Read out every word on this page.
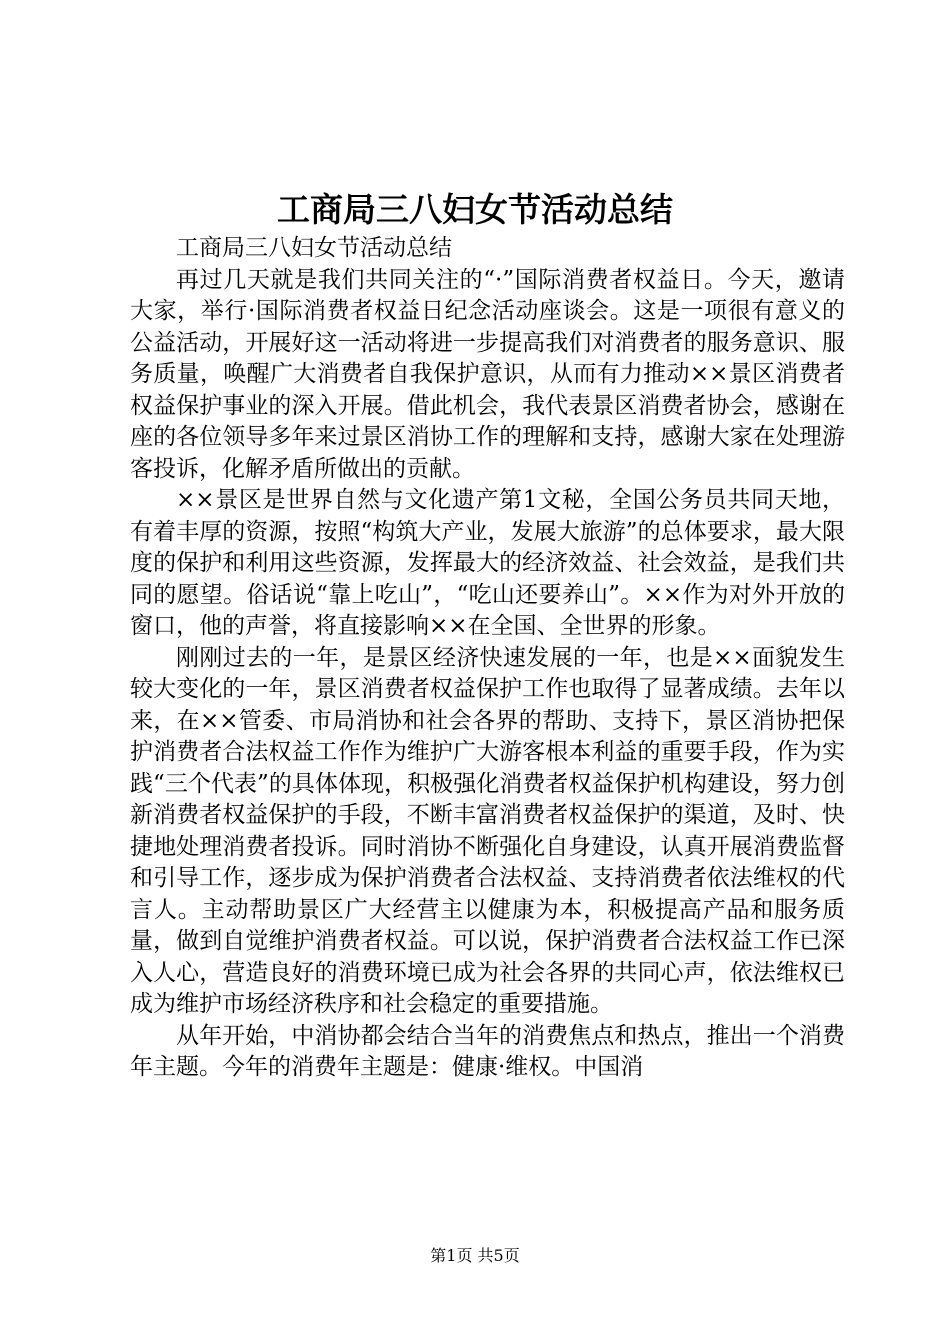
工商局三八妇女节活动总结

工商局三八妇女节活动总结

再过几天就是我们共同关注的“·”国际消费者权益日。今天，邀请大家，举行·国际消费者权益日纪念活动座谈会。这是一项很有意义的公益活动，开展好这一活动将进一步提高我们对消费者的服务意识、服务质量，唤醒广大消费者自我保护意识，从而有力推动××景区消费者权益保护事业的深入开展。借此机会，我代表景区消费者协会，感谢在座的各位领导多年来过景区消协工作的理解和支持，感谢大家在处理游客投诉，化解矛盾所做出的贡献。

××景区是世界自然与文化遗产第1文秘，全国公务员共同天地，有着丰厚的资源，按照“构筑大产业，发展大旅游”的总体要求，最大限度的保护和利用这些资源，发挥最大的经济效益、社会效益，是我们共同的愿望。俗话说“靠上吃山”，“吃山还要养山”。××作为对外开放的窗口，他的声誉，将直接影响××在全国、全世界的形象。

刚刚过去的一年，是景区经济快速发展的一年，也是××面貌发生较大变化的一年，景区消费者权益保护工作也取得了显著成绩。去年以来，在××管委、市局消协和社会各界的帮助、支持下，景区消协把保护消费者合法权益工作作为维护广大游客根本利益的重要手段，作为实践“三个代表”的具体体现，积极强化消费者权益保护机构建设，努力创新消费者权益保护的手段，不断丰富消费者权益保护的渠道，及时、快捷地处理消费者投诉。同时消协不断强化自身建设，认真开展消费监督和引导工作，逐步成为保护消费者合法权益、支持消费者依法维权的代言人。主动帮助景区广大经营主以健康为本，积极提高产品和服务质量，做到自觉维护消费者权益。可以说，保护消费者合法权益工作已深入人心，营造良好的消费环境已成为社会各界的共同心声，依法维权已成为维护市场经济秩序和社会稳定的重要措施。

从年开始，中消协都会结合当年的消费焦点和热点，推出一个消费年主题。今年的消费年主题是：健康·维权。中国消

第1页 共5页
